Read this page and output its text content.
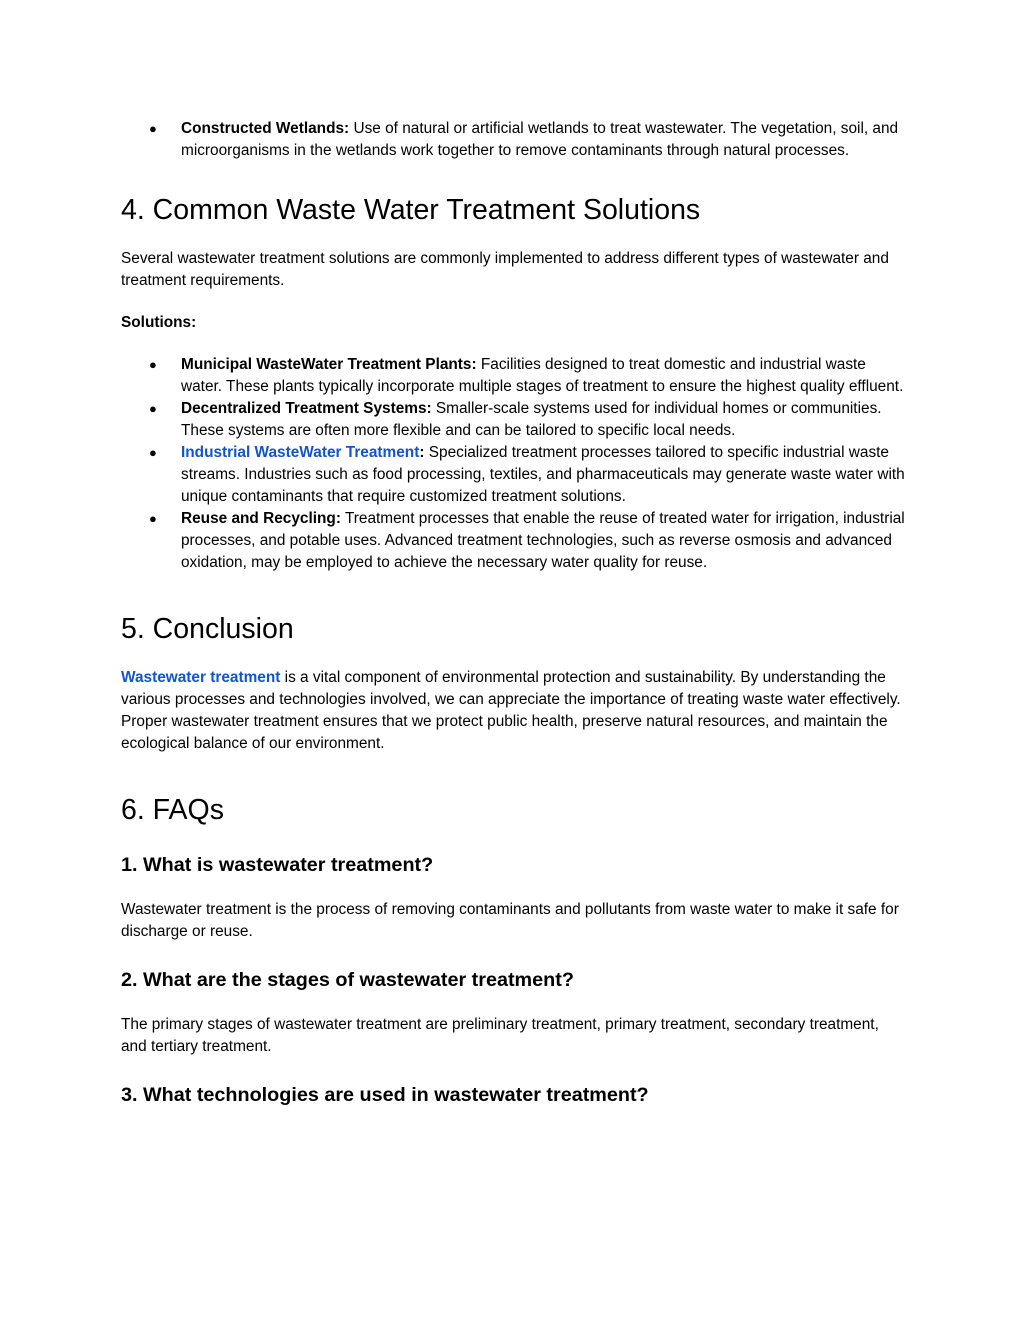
● Constructed Wetlands: Use of natural or artificial wetlands to treat wastewater. The vegetation, soil, and microorganisms in the wetlands work together to remove contaminants through natural processes.
4. Common Waste Water Treatment Solutions

Several wastewater treatment solutions are commonly implemented to address different types of wastewater and treatment requirements.

Solutions:

● Municipal WasteWater Treatment Plants: Facilities designed to treat domestic and industrial waste water. These plants typically incorporate multiple stages of treatment to ensure the highest quality effluent.
● Decentralized Treatment Systems: Smaller-scale systems used for individual homes or communities. These systems are often more flexible and can be tailored to specific local needs.
● Industrial WasteWater Treatment: Specialized treatment processes tailored to specific industrial waste streams. Industries such as food processing, textiles, and pharmaceuticals may generate waste water with unique contaminants that require customized treatment solutions.
● Reuse and Recycling: Treatment processes that enable the reuse of treated water for irrigation, industrial processes, and potable uses. Advanced treatment technologies, such as reverse osmosis and advanced oxidation, may be employed to achieve the necessary water quality for reuse.
5. Conclusion

Wastewater treatment is a vital component of environmental protection and sustainability. By understanding the various processes and technologies involved, we can appreciate the importance of treating waste water effectively. Proper wastewater treatment ensures that we protect public health, preserve natural resources, and maintain the ecological balance of our environment.

6. FAQs
1. What is wastewater treatment?

Wastewater treatment is the process of removing contaminants and pollutants from waste water to make it safe for discharge or reuse.

2. What are the stages of wastewater treatment?

The primary stages of wastewater treatment are preliminary treatment, primary treatment, secondary treatment, and tertiary treatment.

3. What technologies are used in wastewater treatment?
